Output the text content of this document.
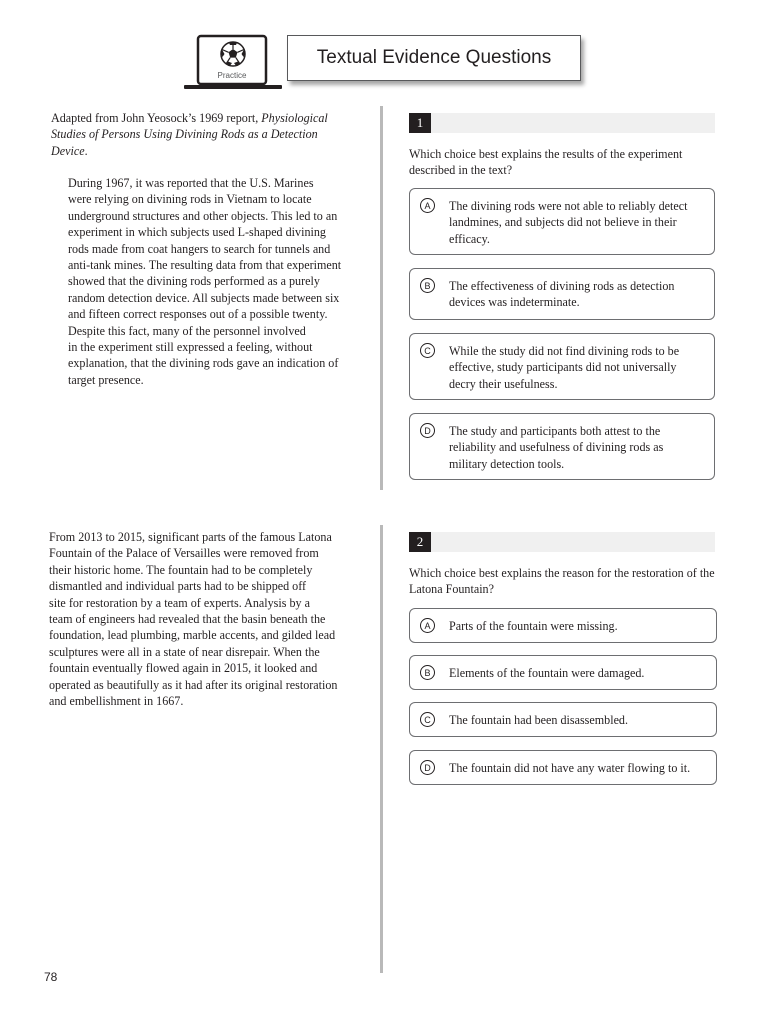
Practice
Textual Evidence Questions
Adapted from John Yeosock’s 1969 report, Physiological Studies of Persons Using Divining Rods as a Detection Device.

During 1967, it was reported that the U.S. Marines

were relying on divining rods in Vietnam to locate

underground structures and other objects. This led to an

experiment in which subjects used L-shaped divining

rods made from coat hangers to search for tunnels and

anti-tank mines. The resulting data from that experiment

showed that the divining rods performed as a purely

random detection device. All subjects made between six

and fifteen correct responses out of a possible twenty.

Despite this fact, many of the personnel involved

in the experiment still expressed a feeling, without

explanation, that the divining rods gave an indication of

target presence.

1
Which choice best explains the results of the experiment described in the text?
A	The divining rods were not able to reliably detect landmines, and subjects did not believe in their efficacy.
B	The effectiveness of divining rods as detection devices was indeterminate.
C	While the study did not find divining rods to be effective, study participants did not universally decry their usefulness.
D	The study and participants both attest to the reliability and usefulness of divining rods as military detection tools.

From 2013 to 2015, significant parts of the famous Latona

Fountain of the Palace of Versailles were removed from

their historic home. The fountain had to be completely

dismantled and individual parts had to be shipped off

site for restoration by a team of experts. Analysis by a

team of engineers had revealed that the basin beneath the

foundation, lead plumbing, marble accents, and gilded lead

sculptures were all in a state of near disrepair. When the

fountain eventually flowed again in 2015, it looked and

operated as beautifully as it had after its original restoration

and embellishment in 1667.

2
Which choice best explains the reason for the restoration of the Latona Fountain?
A	Parts of the fountain were missing.
B	Elements of the fountain were damaged.
C	The fountain had been disassembled.
D	The fountain did not have any water flowing to it.
78
